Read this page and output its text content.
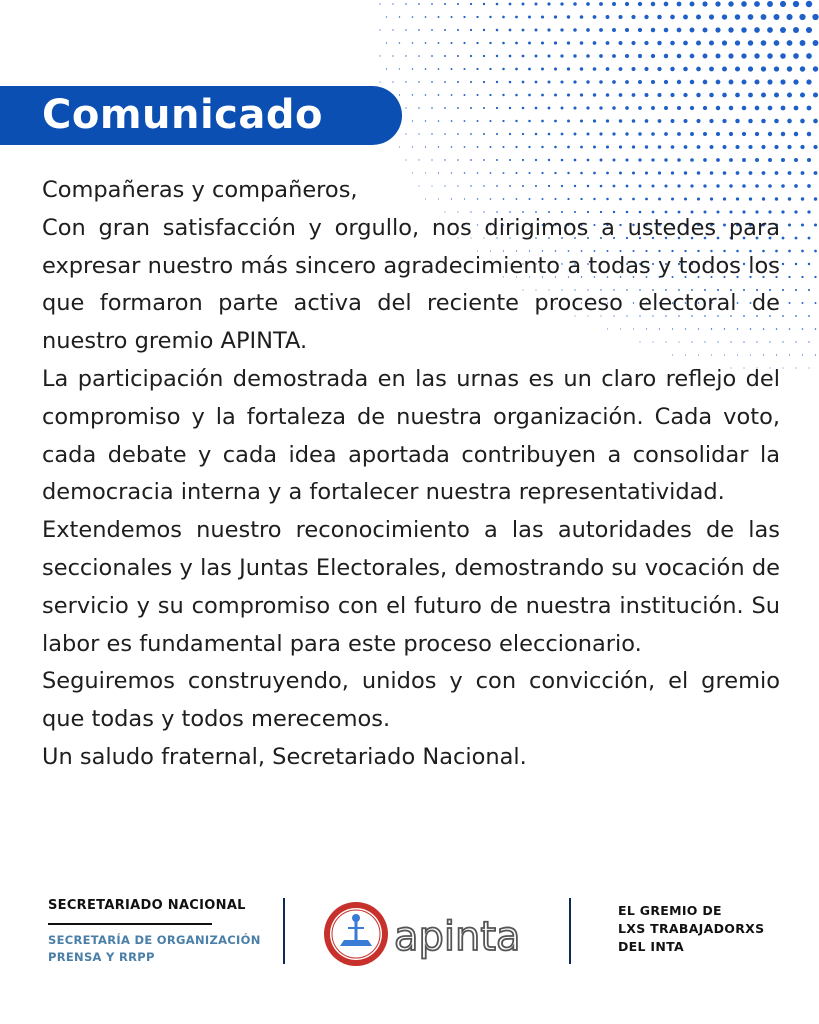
Comunicado

Compañeras y compañeros,

Con gran satisfacción y orgullo, nos dirigimos a ustedes para expresar nuestro más sincero agradecimiento a todas y todos los que formaron parte activa del reciente proceso electoral de nuestro gremio APINTA.

La participación demostrada en las urnas es un claro reflejo del compromiso y la fortaleza de nuestra organización. Cada voto, cada debate y cada idea aportada contribuyen a consolidar la democracia interna y a fortalecer nuestra representatividad.

Extendemos nuestro reconocimiento a las autoridades de las seccionales y las Juntas Electorales, demostrando su vocación de servicio y su compromiso con el futuro de nuestra institución. Su labor es fundamental para este proceso eleccionario.

Seguiremos construyendo, unidos y con convicción, el gremio que todas y todos merecemos.

Un saludo fraternal, Secretariado Nacional.

SECRETARIADO NACIONAL
SECRETARÍA DE ORGANIZACIÓN
PRENSA Y RRPP	apinta
EL GREMIO DE
LXS TRABAJADORXS
DEL INTA
